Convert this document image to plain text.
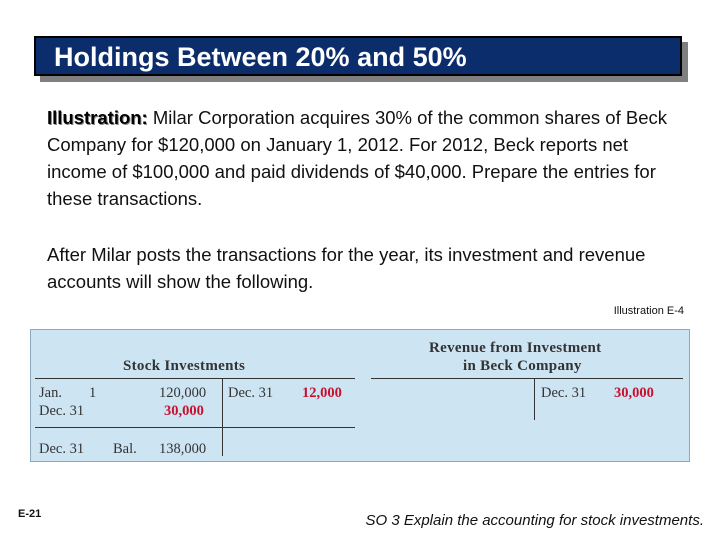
Holdings Between 20% and 50%
Illustration: Milar Corporation acquires 30% of the common shares of Beck Company for $120,000 on January 1, 2012. For 2012, Beck reports net income of $100,000 and paid dividends of $40,000. Prepare the entries for these transactions.
After Milar posts the transactions for the year, its investment and revenue accounts will show the following.
Illustration E-4
Stock Investments
Jan. 1	120,000 Dec. 31 12,000
Dec. 31	30,000
Dec. 31 Bal. 138,000
Revenue from Investment
in Beck Company
Dec. 31 30,000
E-21	SO 3 Explain the accounting for stock investments.
